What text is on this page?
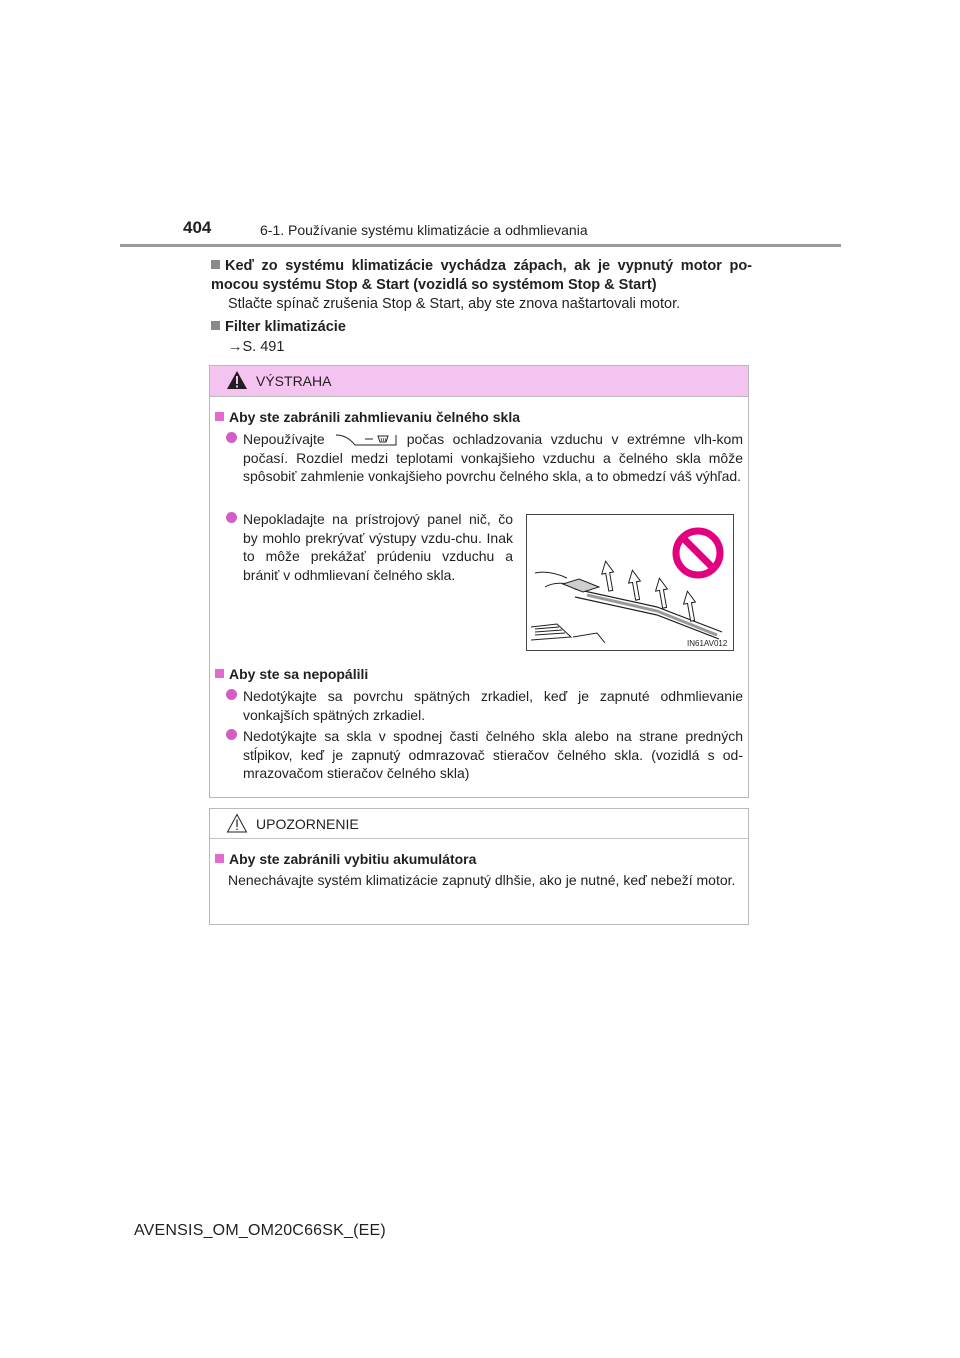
404	6-1. Používanie systému klimatizácie a odhmlievania
Keď zo systému klimatizácie vychádza zápach, ak je vypnutý motor po-mocou systému Stop & Start (vozidlá so systémom Stop & Start)
Stlačte spínač zrušenia Stop & Start, aby ste znova naštartovali motor.
Filter klimatizácie
→S. 491
VÝSTRAHA
Aby ste zabránili zahmlievaniu čelného skla
Nepoužívajte	počas ochladzovania vzduchu v extrémne vlh-kom počasí. Rozdiel medzi teplotami vonkajšieho vzduchu a čelného skla môže spôsobiť zahmlenie vonkajšieho povrchu čelného skla, a to obmedzí váš výhľad.
Nepokladajte na prístrojový panel nič, čo by mohlo prekrývať výstupy vzdu-chu. Inak to môže prekážať prúdeniu vzduchu a brániť v odhmlievaní čelného skla.
IN61AV012
Aby ste sa nepopálili
Nedotýkajte sa povrchu spätných zrkadiel, keď je zapnuté odhmlievanie vonkajších spätných zrkadiel.
Nedotýkajte sa skla v spodnej časti čelného skla alebo na strane predných stĺpikov, keď je zapnutý odmrazovač stieračov čelného skla. (vozidlá s od-mrazovačom stieračov čelného skla)
UPOZORNENIE
Aby ste zabránili vybitiu akumulátora
Nenechávajte systém klimatizácie zapnutý dlhšie, ako je nutné, keď nebeží motor.
AVENSIS_OM_OM20C66SK_(EE)
